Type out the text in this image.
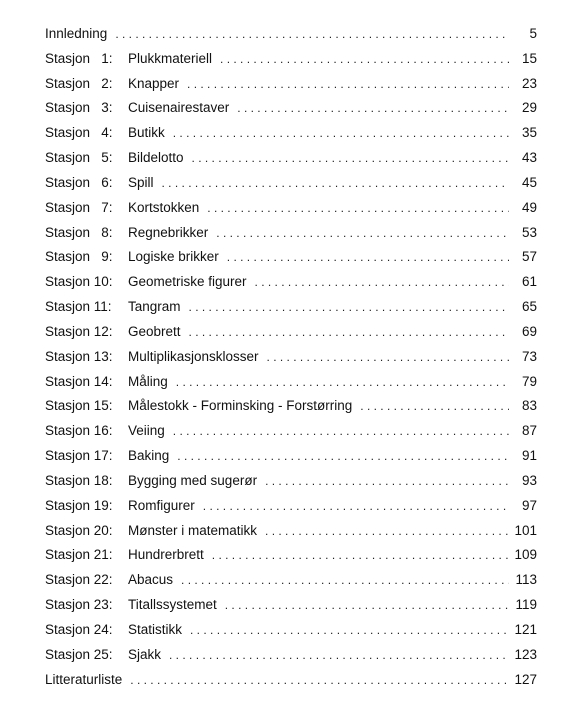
Innledning . . .	5
Stasjon   1:	Plukkmateriell . . .	15
Stasjon   2:	Knapper . . .	23
Stasjon   3:	Cuisenairestaver . . .	29
Stasjon   4:	Butikk . . .	35
Stasjon   5:	Bildelotto . . .	43
Stasjon   6:	Spill . . .	45
Stasjon   7:	Kortstokken . . .	49
Stasjon   8:	Regnebrikker . . .	53
Stasjon   9:	Logiske brikker . . .	57
Stasjon 10:	Geometriske figurer . . .	61
Stasjon 11:	Tangram . . .	65
Stasjon 12:	Geobrett . . .	69
Stasjon 13:	Multiplikasjonsklosser . . .	73
Stasjon 14:	Måling . . .	79
Stasjon 15:	Målestokk - Forminsking - Forstørring . . .	83
Stasjon 16:	Veiing . . .	87
Stasjon 17:	Baking . . .	91
Stasjon 18:	Bygging med sugerør . . .	93
Stasjon 19:	Romfigurer . . .	97
Stasjon 20:	Mønster i matematikk . . .	101
Stasjon 21:	Hundrerbrett . . .	109
Stasjon 22:	Abacus . . .	113
Stasjon 23:	Titallssystemet . . .	119
Stasjon 24:	Statistikk . . .	121
Stasjon 25:	Sjakk . . .	123
Litteraturliste . . .	127
